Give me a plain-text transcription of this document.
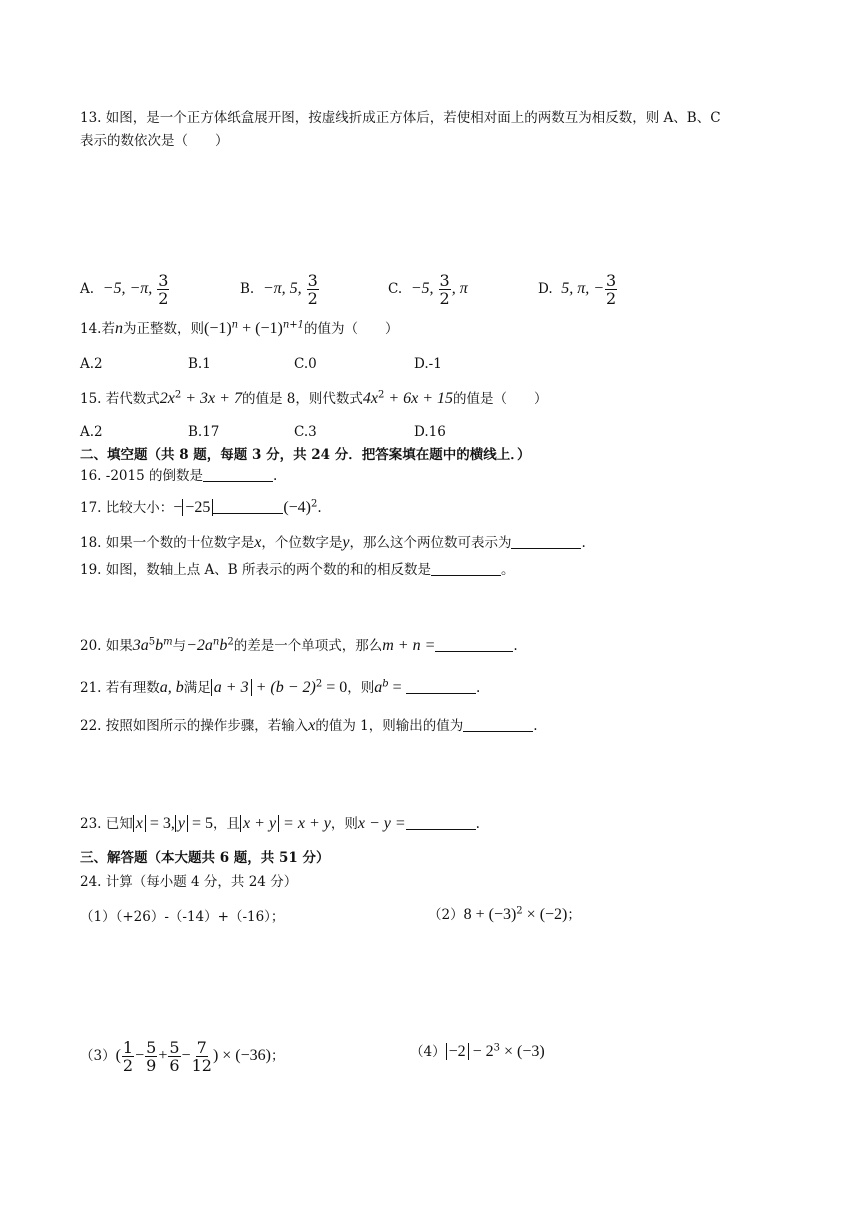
13. 如图，是一个正方体纸盒展开图，按虚线折成正方体后，若使相对面上的两数互为相反数，则 A、B、C
表示的数依次是（　　）
A. −5, −π, $\frac{3}{2}$	B. −π, 5, $\frac{3}{2}$	C. −5, $\frac{3}{2}$ , π	D. 5, π, − $\frac{3}{2}$
14.若n为正整数，则$(-1)^n + (-1)^{n+1}$的值为（　　）
A.2	B.1	C.0	D.-1
15. 若代数式$2x^2 + 3x + 7$的值是 8，则代数式$4x^2 + 6x + 15$的值是（　　）
A.2	B.17	C.3	D.16
二、填空题（共 8 题，每题 3 分，共 24 分．把答案填在题中的横线上．）
16. -2015 的倒数是	.
17. 比较大小：− −25	$(-4)^2$.
18. 如果一个数的十位数字是x，个位数字是y，那么这个两位数可表示为	.
19. 如图，数轴上点 A、B 所表示的两个数的和的相反数是	。
20. 如果$3a^5b^m$与$-2a^nb^2$的差是一个单项式，那么m + n =	.
21. 若有理数a, b满足 $a + 3 + (b - 2)^2 = 0$，则$a^b$ =	.
22. 按照如图所示的操作步骤，若输入x的值为 1，则输出的值为	.
23. 已知 x = 3, y = 5，且 x + y = x + y，则x − y =	.
三、解答题（本大题共 6 题，共 51 分）
24. 计算（每小题 4 分，共 24 分）
（1）（+26）-（-14）+（-16）；	$(2)8 + (-3)^2 \times (-2)$；
$(3)( \frac{1}{2} - \frac{5}{9} + \frac{5}{6} - \frac{7}{12}$ ) × (−36)；	$(4) -2 - 2^3 \times (-3)$
